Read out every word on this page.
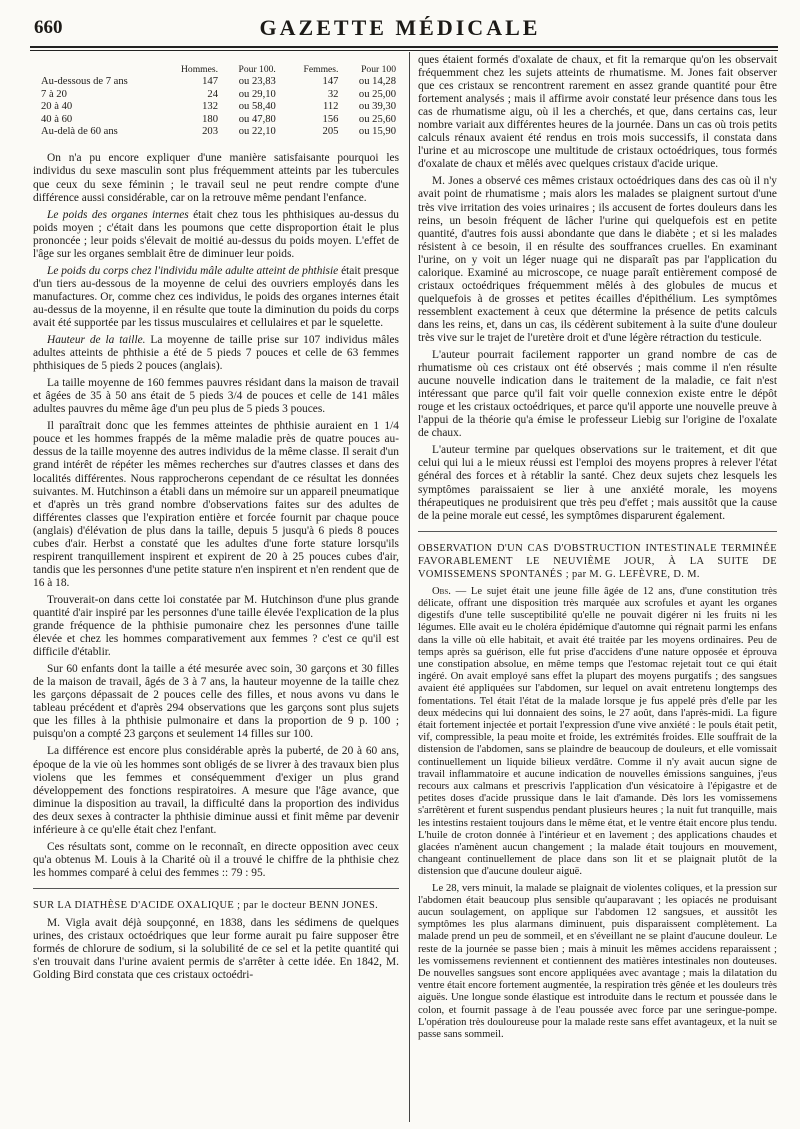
660	GAZETTE MÉDICALE
	Hommes.	Pour 100.		Femmes.	Pour 100
Au-dessous de 7 ans	147	ou 23,83		147	ou 14,28
7 à 20	24	ou 29,10		32	ou 25,00
20 à 40	132	ou 58,40		112	ou 39,30
40 à 60	180	ou 47,80		156	ou 25,60
Au-delà de 60 ans	203	ou 22,10		205	ou 15,90

On n'a pu encore expliquer d'une manière satisfaisante pourquoi les individus du sexe masculin sont plus fréquemment atteints par les tubercules que ceux du sexe féminin ; le travail seul ne peut rendre compte d'une différence aussi considérable, car on la retrouve même pendant l'enfance.

Le poids des organes internes était chez tous les phthisiques au-dessus du poids moyen ; c'était dans les poumons que cette disproportion était le plus prononcée ; leur poids s'élevait de moitié au-dessus du poids moyen. L'effet de l'âge sur les organes semblait être de diminuer leur poids.

Le poids du corps chez l'individu mâle adulte atteint de phthisie était presque d'un tiers au-dessous de la moyenne de celui des ouvriers employés dans les manufactures. Or, comme chez ces individus, le poids des organes internes était au-dessus de la moyenne, il en résulte que toute la diminution du poids du corps avait été supportée par les tissus musculaires et cellulaires et par le squelette.

Hauteur de la taille. La moyenne de taille prise sur 107 individus mâles adultes atteints de phthisie a été de 5 pieds 7 pouces et celle de 63 femmes phthisiques de 5 pieds 2 pouces (anglais).

La taille moyenne de 160 femmes pauvres résidant dans la maison de travail et âgées de 35 à 50 ans était de 5 pieds 3/4 de pouces et celle de 141 mâles adultes pauvres du même âge d'un peu plus de 5 pieds 3 pouces.

Il paraîtrait donc que les femmes atteintes de phthisie auraient en 1 1/4 pouce et les hommes frappés de la même maladie près de quatre pouces au-dessus de la taille moyenne des autres individus de la même classe. Il serait d'un grand intérêt de répéter les mêmes recherches sur d'autres classes et dans des localités différentes. Nous rapprocherons cependant de ce résultat les données suivantes. M. Hutchinson a établi dans un mémoire sur un appareil pneumatique et d'après un très grand nombre d'observations faites sur des adultes de différentes classes que l'expiration entière et forcée fournit par chaque pouce (anglais) d'élévation de plus dans la taille, depuis 5 jusqu'à 6 pieds 8 pouces cubes d'air. Herbst a constaté que les adultes d'une forte stature lorsqu'ils respirent tranquillement inspirent et expirent de 20 à 25 pouces cubes d'air, tandis que les personnes d'une petite stature n'en inspirent et n'en rendent que de 16 à 18.

Trouverait-on dans cette loi constatée par M. Hutchinson d'une plus grande quantité d'air inspiré par les personnes d'une taille élevée l'explication de la plus grande fréquence de la phthisie pumonaire chez les personnes d'une taille élevée et chez les hommes comparativement aux femmes ? c'est ce qu'il est difficile d'établir.

Sur 60 enfants dont la taille a été mesurée avec soin, 30 garçons et 30 filles de la maison de travail, âgés de 3 à 7 ans, la hauteur moyenne de la taille chez les garçons dépassait de 2 pouces celle des filles, et nous avons vu dans le tableau précédent et d'après 294 observations que les garçons sont plus sujets que les filles à la phthisie pulmonaire et dans la proportion de 9 p. 100 ; puisqu'on a compté 23 garçons et seulement 14 filles sur 100.

La différence est encore plus considérable après la puberté, de 20 à 60 ans, époque de la vie où les hommes sont obligés de se livrer à des travaux bien plus violens que les femmes et conséquemment d'exiger un plus grand développement des fonctions respiratoires. A mesure que l'âge avance, que diminue la disposition au travail, la difficulté dans la proportion des individus des deux sexes à contracter la phthisie diminue aussi et finit même par devenir inférieure à ce qu'elle était chez l'enfant.

Ces résultats sont, comme on le reconnaît, en directe opposition avec ceux qu'a obtenus M. Louis à la Charité où il a trouvé le chiffre de la phthisie chez les hommes comparé à celui des femmes :: 79 : 95.

SUR LA DIATHÈSE D'ACIDE OXALIQUE ; par le docteur BENN JONES.

M. Vigla avait déjà soupçonné, en 1838, dans les sédimens de quelques urines, des cristaux octoédriques que leur forme aurait pu faire supposer être formés de chlorure de sodium, si la solubilité de ce sel et la petite quantité qui s'en trouvait dans l'urine avaient permis de s'arrêter à cette idée. En 1842, M. Golding Bird constata que ces cristaux octoédri-

ques étaient formés d'oxalate de chaux, et fit la remarque qu'on les observait fréquemment chez les sujets atteints de rhumatisme. M. Jones fait observer que ces cristaux se rencontrent rarement en assez grande quantité pour être fortement analysés ; mais il affirme avoir constaté leur présence dans tous les cas de rhumatisme aigu, où il les a cherchés, et que, dans certains cas, leur nombre variait aux différentes heures de la journée. Dans un cas où trois petits calculs rénaux avaient été rendus en trois mois successifs, il constata dans l'urine et au microscope une multitude de cristaux octoédriques, tous formés d'oxalate de chaux et mêlés avec quelques cristaux d'acide urique.

M. Jones a observé ces mêmes cristaux octoédriques dans des cas où il n'y avait point de rhumatisme ; mais alors les malades se plaignent surtout d'une très vive irritation des voies urinaires ; ils accusent de fortes douleurs dans les reins, un besoin fréquent de lâcher l'urine qui quelquefois est en petite quantité, d'autres fois aussi abondante que dans le diabète ; et si les malades résistent à ce besoin, il en résulte des souffrances cruelles. En examinant l'urine, on y voit un léger nuage qui ne disparaît pas par l'application du calorique. Examiné au microscope, ce nuage paraît entièrement composé de cristaux octoédriques fréquemment mêlés à des globules de mucus et quelquefois à de grosses et petites écailles d'épithélium. Les symptômes ressemblent exactement à ceux que détermine la présence de petits calculs dans les reins, et, dans un cas, ils cédèrent subitement à la suite d'une douleur très vive sur le trajet de l'uretère droit et d'une légère rétraction du testicule.

L'auteur pourrait facilement rapporter un grand nombre de cas de rhumatisme où ces cristaux ont été observés ; mais comme il n'en résulte aucune nouvelle indication dans le traitement de la maladie, ce fait n'est intéressant que parce qu'il fait voir quelle connexion existe entre le dépôt rouge et les cristaux octoédriques, et parce qu'il apporte une nouvelle preuve à l'appui de la théorie qu'a émise le professeur Liebig sur l'origine de l'oxalate de chaux.

L'auteur termine par quelques observations sur le traitement, et dit que celui qui lui a le mieux réussi est l'emploi des moyens propres à relever l'état général des forces et à rétablir la santé. Chez deux sujets chez lesquels les symptômes paraissaient se lier à une anxiété morale, les moyens thérapeutiques ne produisirent que très peu d'effet ; mais aussitôt que la cause de la peine morale eut cessé, les symptômes disparurent également.

OBSERVATION D'UN CAS D'OBSTRUCTION INTESTINALE TERMINÉE FAVORABLEMENT LE NEUVIÈME JOUR, À LA SUITE DE VOMISSEMENS SPONTANÉS ; par M. G. LEFÈVRE, D. M.

Obs. — Le sujet était une jeune fille âgée de 12 ans, d'une constitution très délicate, offrant une disposition très marquée aux scrofules et ayant les organes digestifs d'une telle susceptibilité qu'elle ne pouvait digérer ni les fruits ni les légumes. Elle avait eu le choléra épidémique d'automne qui régnait parmi les enfans dans la ville où elle habitait, et avait été traitée par les moyens ordinaires. Peu de temps après sa guérison, elle fut prise d'accidens d'une nature opposée et éprouva une constipation absolue, en même temps que l'estomac rejetait tout ce qui était ingéré. On avait employé sans effet la plupart des moyens purgatifs ; des sangsues avaient été appliquées sur l'abdomen, sur lequel on avait entretenu longtemps des fomentations. Tel était l'état de la malade lorsque je fus appelé près d'elle par les deux médecins qui lui donnaient des soins, le 27 août, dans l'après-midi. La figure était fortement injectée et portait l'expression d'une vive anxiété : le pouls était petit, vif, compressible, la peau moite et froide, les extrémités froides. Elle souffrait de la distension de l'abdomen, sans se plaindre de beaucoup de douleurs, et elle vomissait continuellement un liquide bilieux verdâtre. Comme il n'y avait aucun signe de travail inflammatoire et aucune indication de nouvelles émissions sanguines, j'eus recours aux calmans et prescrivis l'application d'un vésicatoire à l'épigastre et de petites doses d'acide prussique dans le lait d'amande. Dès lors les vomissemens s'arrêtèrent et furent suspendus pendant plusieurs heures ; la nuit fut tranquille, mais les intestins restaient toujours dans le même état, et le ventre était encore plus tendu. L'huile de croton donnée à l'intérieur et en lavement ; des applications chaudes et glacées n'amènent aucun changement ; la malade était toujours en mouvement, changeant continuellement de place dans son lit et se plaignait plutôt de la distension que d'aucune douleur aiguë.

Le 28, vers minuit, la malade se plaignait de violentes coliques, et la pression sur l'abdomen était beaucoup plus sensible qu'auparavant ; les opiacés ne produisant aucun soulagement, on applique sur l'abdomen 12 sangsues, et aussitôt les symptômes les plus alarmans diminuent, puis disparaissent complètement. La malade prend un peu de sommeil, et en s'éveillant ne se plaint d'aucune douleur. Le reste de la journée se passe bien ; mais à minuit les mêmes accidens reparaissent ; les vomissemens reviennent et contiennent des matières intestinales non douteuses. De nouvelles sangsues sont encore appliquées avec avantage ; mais la dilatation du ventre était encore fortement augmentée, la respiration très gênée et les douleurs très aiguës. Une longue sonde élastique est introduite dans le rectum et poussée dans le colon, et fournit passage à de l'eau poussée avec force par une seringue-pompe. L'opération très douloureuse pour la malade reste sans effet avantageux, et la nuit se passe sans sommeil.
